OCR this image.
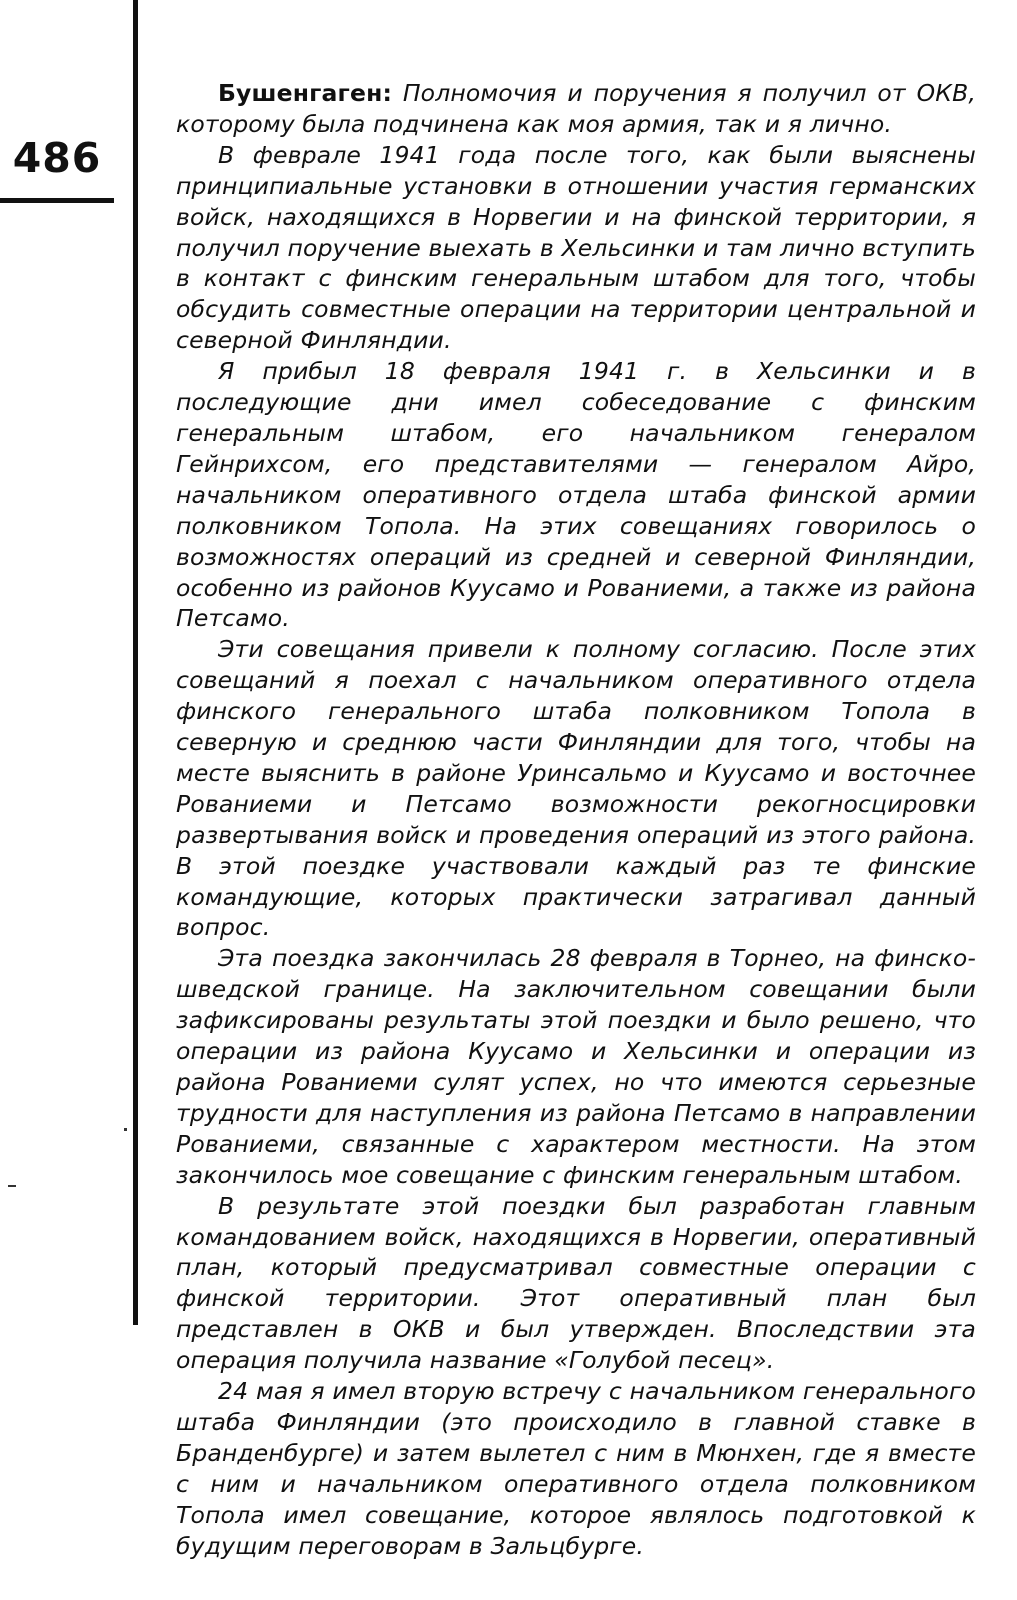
486

Бушенгаген: Полномочия и поручения я получил от ОКВ, которому была подчинена как моя армия, так и я лично.

В феврале 1941 года после того, как были выяснены принципиальные установки в отношении участия германских войск, находящихся в Норвегии и на финской территории, я получил поручение выехать в Хельсинки и там лично вступить в контакт с финским генеральным штабом для того, чтобы обсудить совместные операции на территории центральной и северной Финляндии.

Я прибыл 18 февраля 1941 г. в Хельсинки и в последующие дни имел собеседование с финским генеральным штабом, его начальником генералом Гейнрихсом, его представителями — генералом Айро, начальником оперативного отдела штаба финской армии полковником Топола. На этих совещаниях говорилось о возможностях операций из средней и северной Финляндии, особенно из районов Куусамо и Рованиеми, а также из района Петсамо.

Эти совещания привели к полному согласию. После этих совещаний я поехал с начальником оперативного отдела финского генерального штаба полковником Топола в северную и среднюю части Финляндии для того, чтобы на месте выяснить в районе Уринсальмо и Куусамо и восточнее Рованиеми и Петсамо возможности рекогносцировки развертывания войск и проведения операций из этого района. В этой поездке участвовали каждый раз те финские командующие, которых практически затрагивал данный вопрос.

Эта поездка закончилась 28 февраля в Торнео, на финско-шведской границе. На заключительном совещании были зафиксированы результаты этой поездки и было решено, что операции из района Куусамо и Хельсинки и операции из района Рованиеми сулят успех, но что имеются серьезные трудности для наступления из района Петсамо в направлении Рованиеми, связанные с характером местности. На этом закончилось мое совещание с финским генеральным штабом.

В результате этой поездки был разработан главным командованием войск, находящихся в Норвегии, оперативный план, который предусматривал совместные операции с финской территории. Этот оперативный план был представлен в ОКВ и был утвержден. Впоследствии эта операция получила название «Голубой песец».

24 мая я имел вторую встречу с начальником генерального штаба Финляндии (это происходило в главной ставке в Бранденбурге) и затем вылетел с ним в Мюнхен, где я вместе с ним и начальником оперативного отдела полковником Топола имел совещание, которое являлось подготовкой к будущим переговорам в Зальцбурге.
